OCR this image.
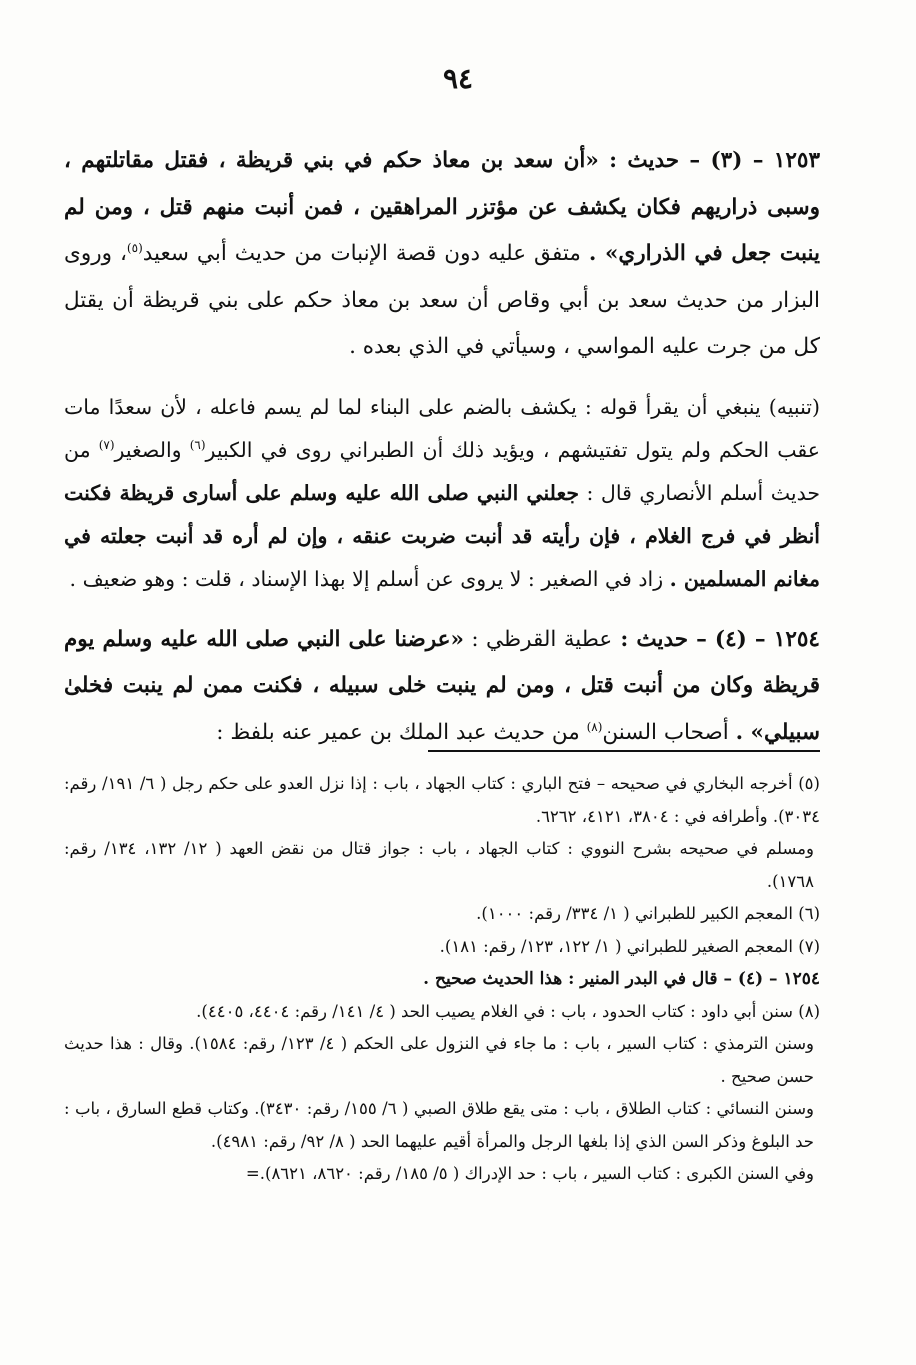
٩٤

١٢٥٣ – (٣) – حديث : «أن سعد بن معاذ حكم في بني قريظة ، فقتل مقاتلتهم ، وسبى ذراريهم فكان يكشف عن مؤتزر المراهقين ، فمن أنبت منهم قتل ، ومن لم ينبت جعل في الذراري» . متفق عليه دون قصة الإنبات من حديث أبي سعيد$^{(٥)}$، وروى البزار من حديث سعد بن أبي وقاص أن سعد بن معاذ حكم على بني قريظة أن يقتل كل من جرت عليه المواسي ، وسيأتي في الذي بعده .

(تنبيه) ينبغي أن يقرأ قوله : يكشف بالضم على البناء لما لم يسم فاعله ، لأن سعدًا مات عقب الحكم ولم يتول تفتيشهم ، ويؤيد ذلك أن الطبراني روى في الكبير$^{(٦)}$ والصغير$^{(٧)}$ من حديث أسلم الأنصاري قال : جعلني النبي صلى الله عليه وسلم على أسارى قريظة فكنت أنظر في فرج الغلام ، فإن رأيته قد أنبت ضربت عنقه ، وإن لم أره قد أنبت جعلته في مغانم المسلمين . زاد في الصغير : لا يروى عن أسلم إلا بهذا الإسناد ، قلت : وهو ضعيف .

١٢٥٤ – (٤) – حديث : عطية القرظي : «عرضنا على النبي صلى الله عليه وسلم يوم قريظة وكان من أنبت قتل ، ومن لم ينبت خلى سبيله ، فكنت ممن لم ينبت فخلىٰ سبيلي» . أصحاب السنن$^{(٨)}$ من حديث عبد الملك بن عمير عنه بلفظ :

(٥) أخرجه البخاري في صحيحه – فتح الباري : كتاب الجهاد ، باب : إذا نزل العدو على حكم رجل ( ٦/ ١٩١/ رقم: ٣٠٣٤). وأطرافه في : ٣٨٠٤، ٤١٢١، ٦٢٦٢.
ومسلم في صحيحه بشرح النووي : كتاب الجهاد ، باب : جواز قتال من نقض العهد ( ١٢/ ١٣٢، ١٣٤/ رقم: ١٧٦٨).
(٦) المعجم الكبير للطبراني ( ١/ ٣٣٤/ رقم: ١٠٠٠).
(٧) المعجم الصغير للطبراني ( ١/ ١٢٢، ١٢٣/ رقم: ١٨١).
١٢٥٤ – (٤) – قال في البدر المنير : هذا الحديث صحيح .
(٨) سنن أبي داود : كتاب الحدود ، باب : في الغلام يصيب الحد ( ٤/ ١٤١/ رقم: ٤٤٠٤، ٤٤٠٥).
وسنن الترمذي : كتاب السير ، باب : ما جاء في النزول على الحكم ( ٤/ ١٢٣/ رقم: ١٥٨٤). وقال : هذا حديث حسن صحيح .
وسنن النسائي : كتاب الطلاق ، باب : متى يقع طلاق الصبي ( ٦/ ١٥٥/ رقم: ٣٤٣٠). وكتاب قطع السارق ، باب : حد البلوغ وذكر السن الذي إذا بلغها الرجل والمرأة أقيم عليهما الحد ( ٨/ ٩٢/ رقم: ٤٩٨١).
وفي السنن الكبرى : كتاب السير ، باب : حد الإدراك ( ٥/ ١٨٥/ رقم: ٨٦٢٠، ٨٦٢١).=
